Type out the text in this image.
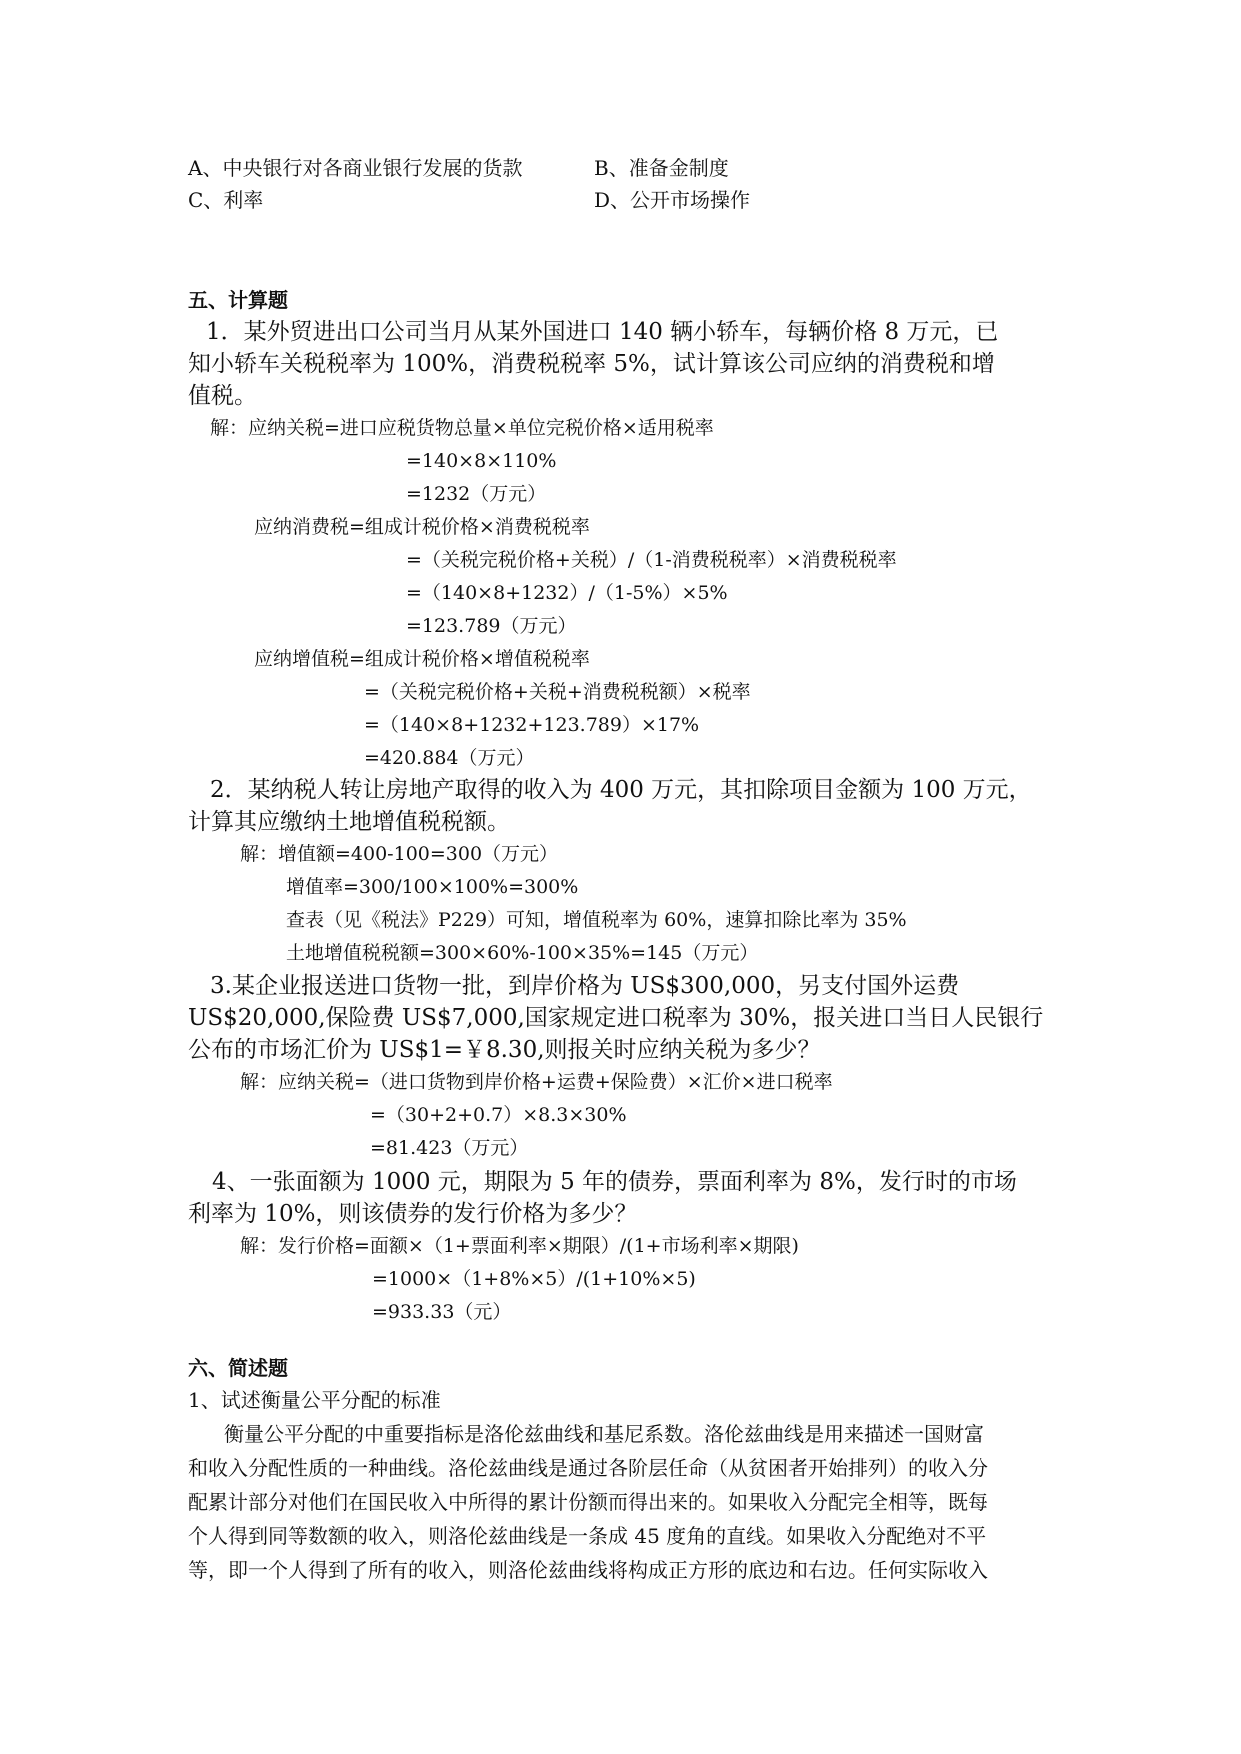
A、中央银行对各商业银行发展的货款	B、准备金制度
C、利率	D、公开市场操作
五、计算题
1．某外贸进出口公司当月从某外国进口 140 辆小轿车，每辆价格 8 万元，已
知小轿车关税税率为 100%，消费税税率 5%，试计算该公司应纳的消费税和增
值税。
解：应纳关税=进口应税货物总量×单位完税价格×适用税率
=140×8×110%
=1232（万元）
应纳消费税=组成计税价格×消费税税率
=（关税完税价格+关税）/（1-消费税税率）×消费税税率
=（140×8+1232）/（1-5%）×5%
=123.789（万元）
应纳增值税=组成计税价格×增值税税率
=（关税完税价格+关税+消费税税额）×税率
=（140×8+1232+123.789）×17%
=420.884（万元）
2．某纳税人转让房地产取得的收入为 400 万元，其扣除项目金额为 100 万元，
计算其应缴纳土地增值税税额。
解：增值额=400-100=300（万元）
增值率=300/100×100%=300%
查表（见《税法》P229）可知，增值税率为 60%，速算扣除比率为 35%
土地增值税税额=300×60%-100×35%=145（万元）
3.某企业报送进口货物一批，到岸价格为 US$300,000，另支付国外运费
US$20,000,保险费 US$7,000,国家规定进口税率为 30%，报关进口当日人民银行
公布的市场汇价为 US$1=￥8.30,则报关时应纳关税为多少？
解：应纳关税=（进口货物到岸价格+运费+保险费）×汇价×进口税率
=（30+2+0.7）×8.3×30%
=81.423（万元）
4、一张面额为 1000 元，期限为 5 年的债券，票面利率为 8%，发行时的市场
利率为 10%，则该债券的发行价格为多少？
解：发行价格=面额×（1+票面利率×期限）/(1+市场利率×期限)
=1000×（1+8%×5）/(1+10%×5)
=933.33（元）
六、简述题
1、试述衡量公平分配的标准
衡量公平分配的中重要指标是洛伦兹曲线和基尼系数。洛伦兹曲线是用来描述一国财富
和收入分配性质的一种曲线。洛伦兹曲线是通过各阶层任命（从贫困者开始排列）的收入分
配累计部分对他们在国民收入中所得的累计份额而得出来的。如果收入分配完全相等，既每
个人得到同等数额的收入，则洛伦兹曲线是一条成 45 度角的直线。如果收入分配绝对不平
等，即一个人得到了所有的收入，则洛伦兹曲线将构成正方形的底边和右边。任何实际收入
